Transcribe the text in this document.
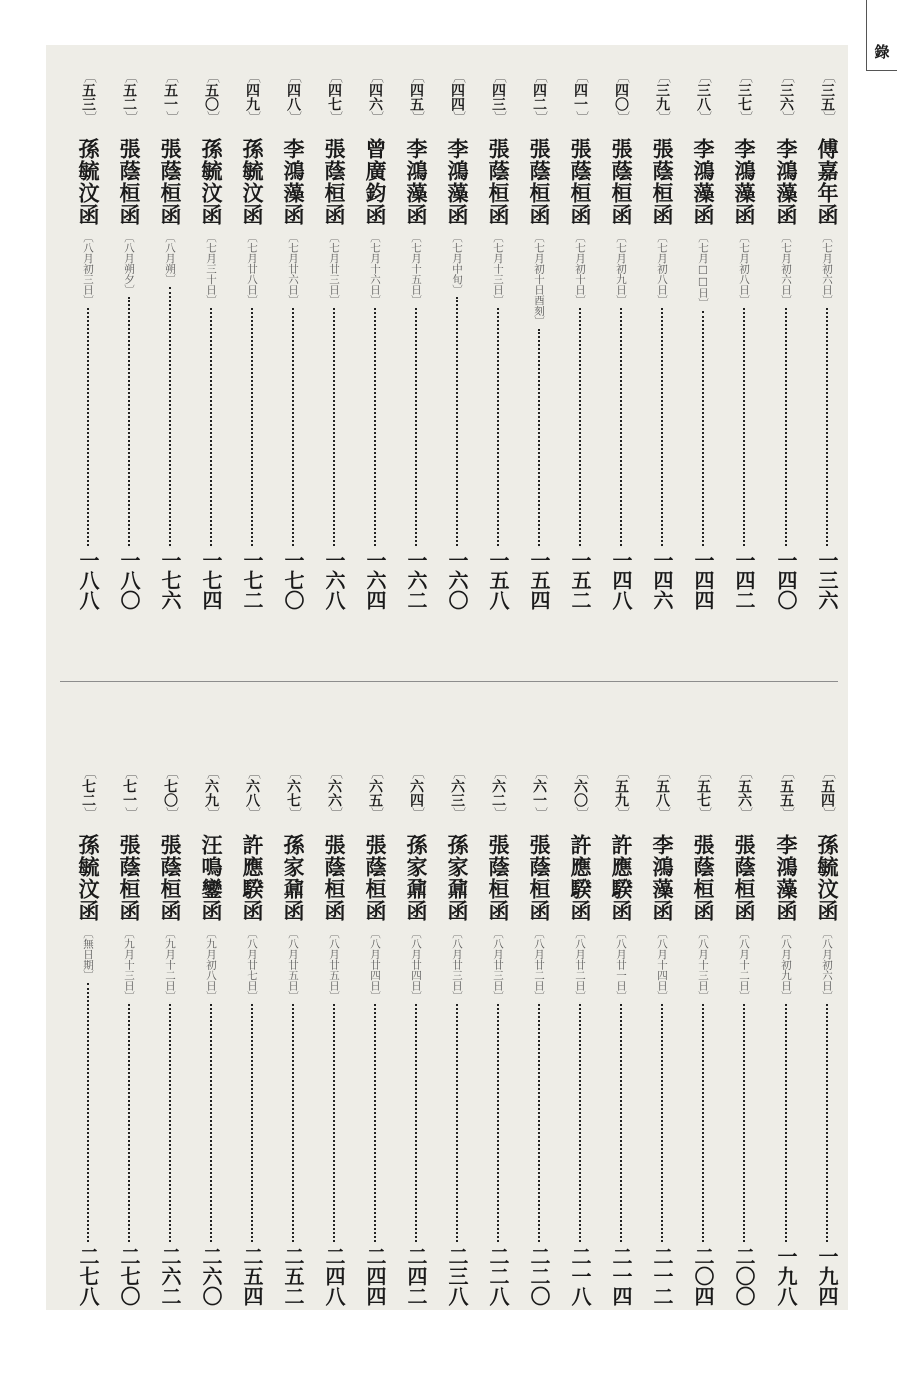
錄
〔
三五
〕
傅嘉年函
〔七月初六日〕
一三六
〔
三六
〕
李鴻藻函
〔七月初六日〕
一四〇
〔
三七
〕
李鴻藻函
〔七月初八日〕
一四二
〔
三八
〕
李鴻藻函
〔七月□□日〕
一四四
〔
三九
〕
張蔭桓函
〔七月初八日〕
一四六
〔
四〇
〕
張蔭桓函
〔七月初九日〕
一四八
〔
四一
〕
張蔭桓函
〔七月初十日〕
一五二
〔
四二
〕
張蔭桓函
〔七月初十日酉刻〕
一五四
〔
四三
〕
張蔭桓函
〔七月十三日〕
一五八
〔
四四
〕
李鴻藻函
〔七月中旬〕
一六〇
〔
四五
〕
李鴻藻函
〔七月十五日〕
一六二
〔
四六
〕
曾廣鈞函
〔七月十六日〕
一六四
〔
四七
〕
張蔭桓函
〔七月廿三日〕
一六八
〔
四八
〕
李鴻藻函
〔七月廿六日〕
一七〇
〔
四九
〕
孫毓汶函
〔七月廿八日〕
一七二
〔
五〇
〕
孫毓汶函
〔七月三十日〕
一七四
〔
五一
〕
張蔭桓函
〔八月朔〕
一七六
〔
五二
〕
張蔭桓函
〔八月朔夕〕
一八〇
〔
五三
〕
孫毓汶函
〔八月初三日〕
一八八
〔
五四
〕
孫毓汶函
〔八月初六日〕
一九四
〔
五五
〕
李鴻藻函
〔八月初九日〕
一九八
〔
五六
〕
張蔭桓函
〔八月十二日〕
二〇〇
〔
五七
〕
張蔭桓函
〔八月十三日〕
二〇四
〔
五八
〕
李鴻藻函
〔八月十四日〕
二一二
〔
五九
〕
許應騤函
〔八月廿一日〕
二一四
〔
六〇
〕
許應騤函
〔八月廿二日〕
二一八
〔
六一
〕
張蔭桓函
〔八月廿二日〕
二二〇
〔
六二
〕
張蔭桓函
〔八月廿三日〕
二二八
〔
六三
〕
孫家鼐函
〔八月廿三日〕
二三八
〔
六四
〕
孫家鼐函
〔八月廿四日〕
二四二
〔
六五
〕
張蔭桓函
〔八月廿四日〕
二四四
〔
六六
〕
張蔭桓函
〔八月廿五日〕
二四八
〔
六七
〕
孫家鼐函
〔八月廿五日〕
二五二
〔
六八
〕
許應騤函
〔八月廿七日〕
二五四
〔
六九
〕
汪鳴鑾函
〔九月初八日〕
二六〇
〔
七〇
〕
張蔭桓函
〔九月十二日〕
二六二
〔
七一
〕
張蔭桓函
〔九月十三日〕
二七〇
〔
七二
〕
孫毓汶函
〔無日期〕
二七八
